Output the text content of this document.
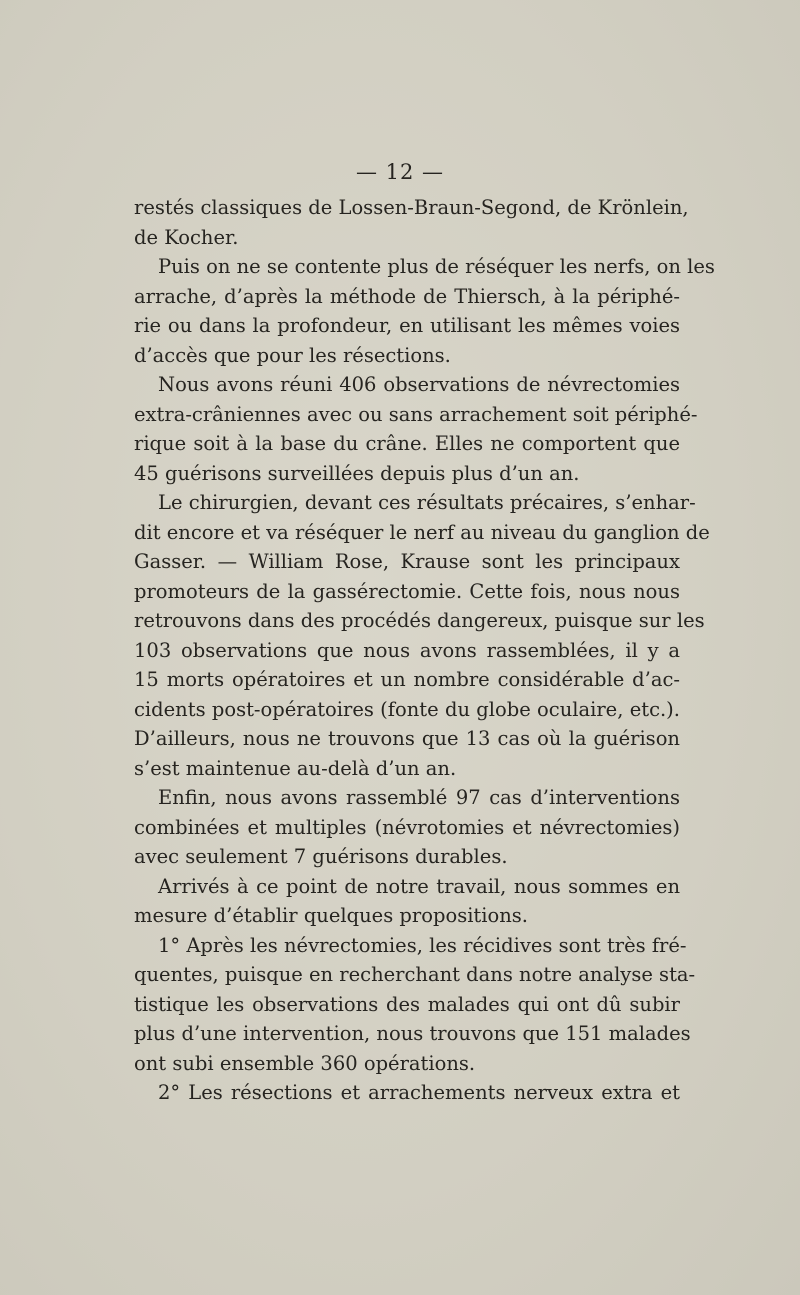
— 12 —
restés classiques de Lossen-Braun-Segond, de Krönlein,
de Kocher.
Puis on ne se contente plus de réséquer les nerfs, on les
arrache, d’après la méthode de Thiersch, à la périphé-
rie ou dans la profondeur, en utilisant les mêmes voies
d’accès que pour les résections.
Nous avons réuni 406 observations de névrectomies
extra-crâniennes avec ou sans arrachement soit périphé-
rique soit à la base du crâne. Elles ne comportent que
45 guérisons surveillées depuis plus d’un an.
Le chirurgien, devant ces résultats précaires, s’enhar-
dit encore et va réséquer le nerf au niveau du ganglion de
Gasser. — William Rose, Krause sont les principaux
promoteurs de la gassérectomie. Cette fois, nous nous
retrouvons dans des procédés dangereux, puisque sur les
103 observations que nous avons rassemblées, il y a
15 morts opératoires et un nombre considérable d’ac-
cidents post-opératoires (fonte du globe oculaire, etc.).
D’ailleurs, nous ne trouvons que 13 cas où la guérison
s’est maintenue au-delà d’un an.
Enfin, nous avons rassemblé 97 cas d’interventions
combinées et multiples (névrotomies et névrectomies)
avec seulement 7 guérisons durables.
Arrivés à ce point de notre travail, nous sommes en
mesure d’établir quelques propositions.
1° Après les névrectomies, les récidives sont très fré-
quentes, puisque en recherchant dans notre analyse sta-
tistique les observations des malades qui ont dû subir
plus d’une intervention, nous trouvons que 151 malades
ont subi ensemble 360 opérations.
2° Les résections et arrachements nerveux extra et
